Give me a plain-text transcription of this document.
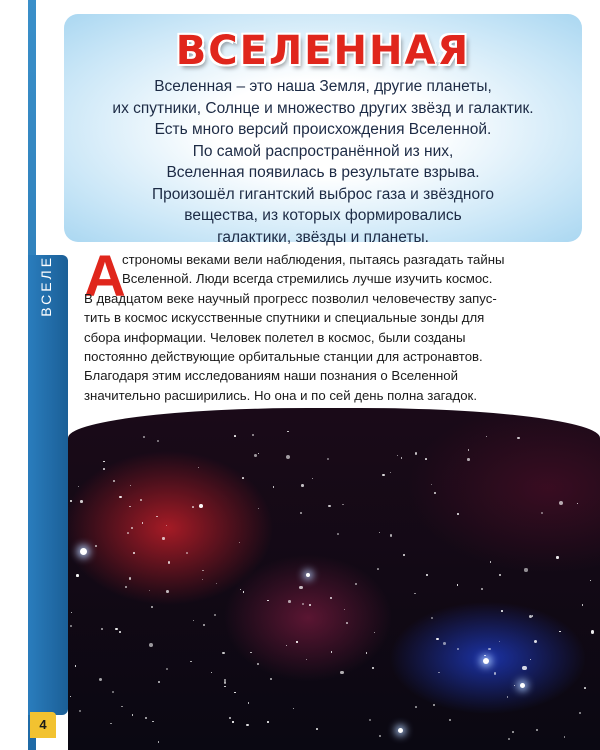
ВСЕЛЕННАЯ
ВСЕЛЕННАЯ
Вселенная – это наша Земля, другие планеты,
их спутники, Солнце и множество других звёзд и галактик.
Есть много версий происхождения Вселенной.
По самой распространённой из них,
Вселенная появилась в результате взрыва.
Произошёл гигантский выброс газа и звёздного
вещества, из которых формировались
галактики, звёзды и планеты.
А
строномы веками вели наблюдения, пытаясь разгадать тайны
Вселенной. Люди всегда стремились лучше изучить космос.
В двадцатом веке научный прогресс позволил человечеству запус-
тить в космос искусственные спутники и специальные зонды для
сбора информации. Человек полетел в космос, были созданы
постоянно действующие орбитальные станции для астронавтов.
Благодаря этим исследованиям наши познания о Вселенной
значительно расширились. Но она и по сей день полна загадок.
4
